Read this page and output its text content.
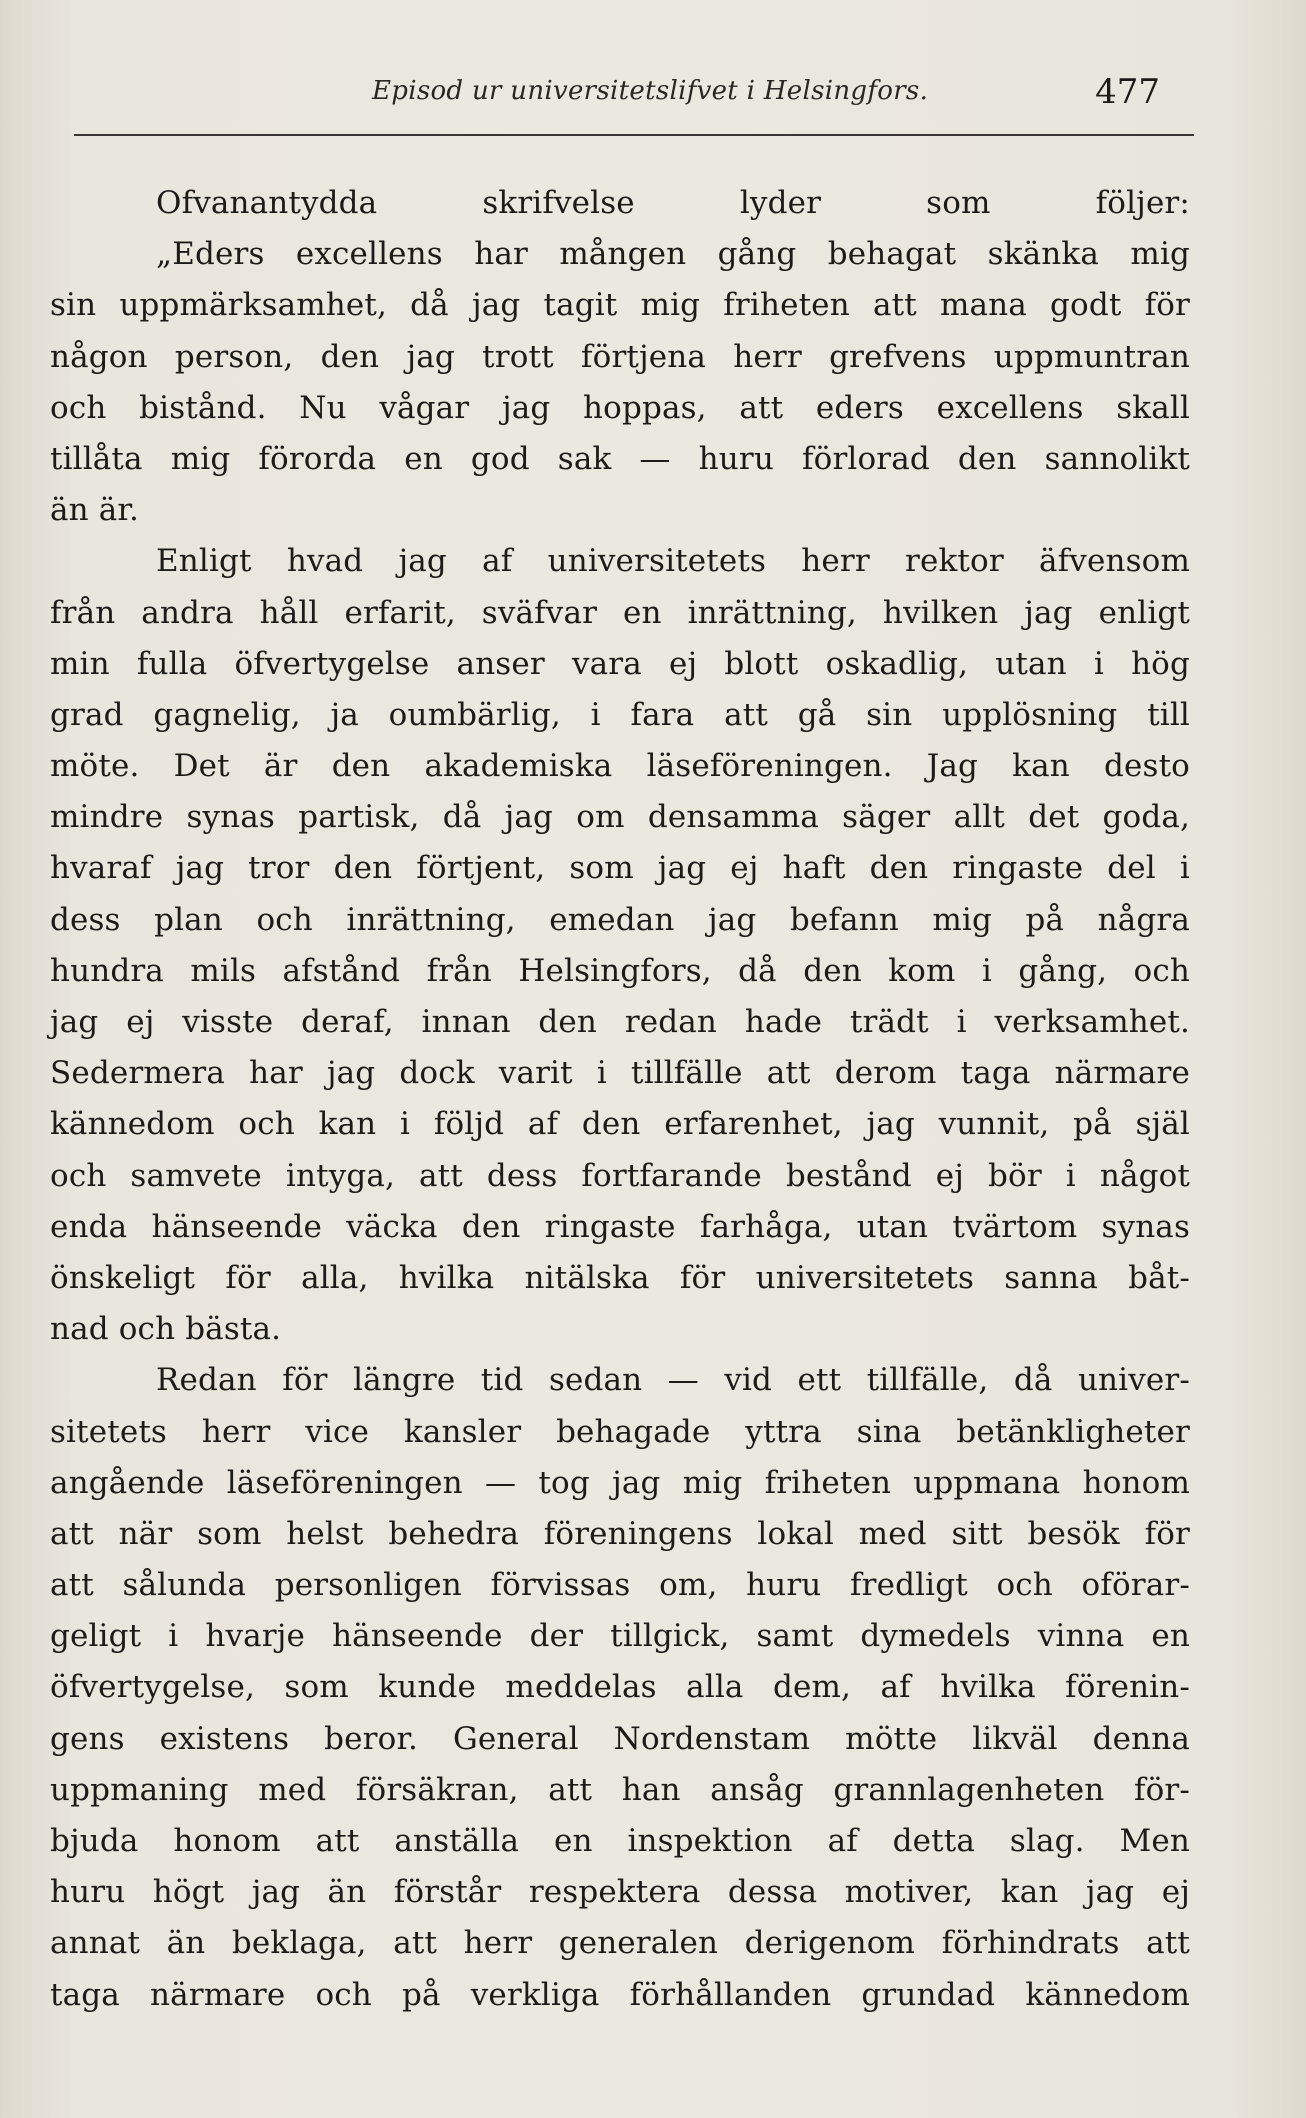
Episod ur universitetslifvet i Helsingfors.	477
Ofvanantydda skrifvelse lyder som följer:
„Eders excellens har mången gång behagat skänka mig
sin uppmärksamhet, då jag tagit mig friheten att mana godt för
någon person, den jag trott förtjena herr grefvens uppmuntran
och bistånd. Nu vågar jag hoppas, att eders excellens skall
tillåta mig förorda en god sak — huru förlorad den sannolikt
än är.
Enligt hvad jag af universitetets herr rektor äfvensom
från andra håll erfarit, sväfvar en inrättning, hvilken jag enligt
min fulla öfvertygelse anser vara ej blott oskadlig, utan i hög
grad gagnelig, ja oumbärlig, i fara att gå sin upplösning till
möte. Det är den akademiska läseföreningen. Jag kan desto
mindre synas partisk, då jag om densamma säger allt det goda,
hvaraf jag tror den förtjent, som jag ej haft den ringaste del i
dess plan och inrättning, emedan jag befann mig på några
hundra mils afstånd från Helsingfors, då den kom i gång, och
jag ej visste deraf, innan den redan hade trädt i verksamhet.
Sedermera har jag dock varit i tillfälle att derom taga närmare
kännedom och kan i följd af den erfarenhet, jag vunnit, på själ
och samvete intyga, att dess fortfarande bestånd ej bör i något
enda hänseende väcka den ringaste farhåga, utan tvärtom synas
önskeligt för alla, hvilka nitälska för universitetets sanna båt-
nad och bästa.
Redan för längre tid sedan — vid ett tillfälle, då univer-
sitetets herr vice kansler behagade yttra sina betänkligheter
angående läseföreningen — tog jag mig friheten uppmana honom
att när som helst behedra föreningens lokal med sitt besök för
att sålunda personligen förvissas om, huru fredligt och oförar-
geligt i hvarje hänseende der tillgick, samt dymedels vinna en
öfvertygelse, som kunde meddelas alla dem, af hvilka förenin-
gens existens beror. General Nordenstam mötte likväl denna
uppmaning med försäkran, att han ansåg grannlagenheten för-
bjuda honom att anställa en inspektion af detta slag. Men
huru högt jag än förstår respektera dessa motiver, kan jag ej
annat än beklaga, att herr generalen derigenom förhindrats att
taga närmare och på verkliga förhållanden grundad kännedom
